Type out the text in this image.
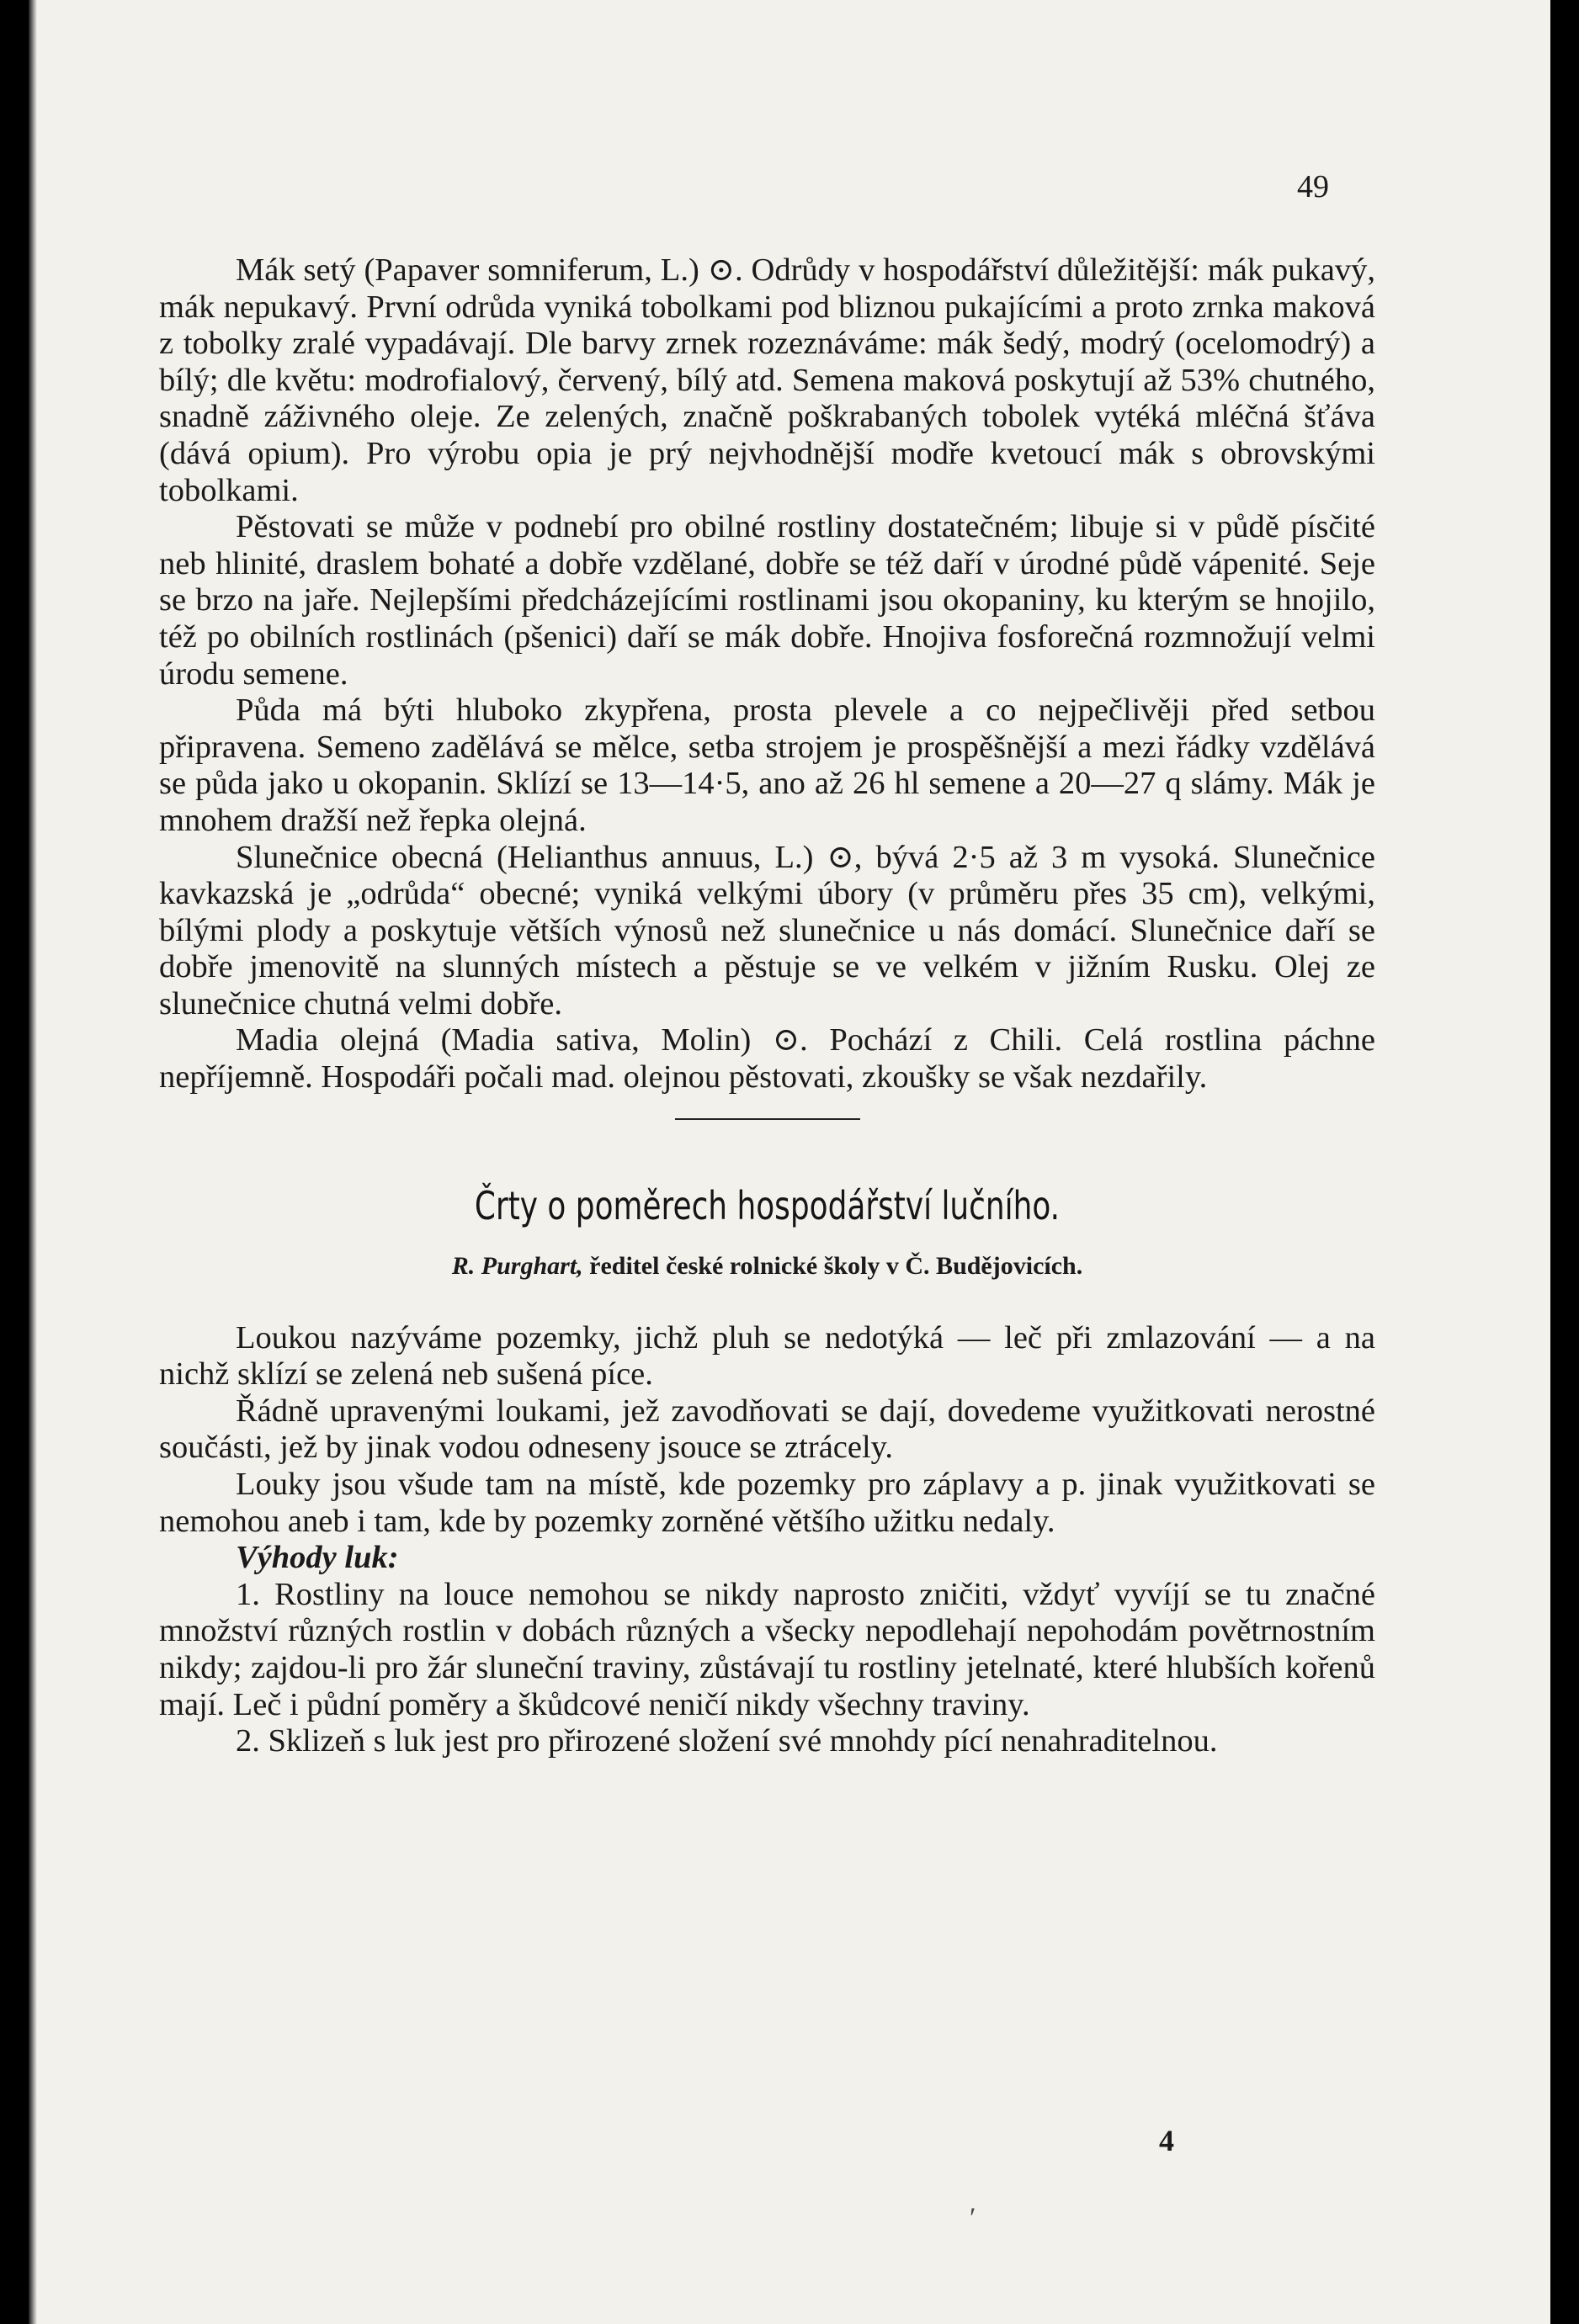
49

Mák setý (Papaver somniferum, L.) ⊙. Odrůdy v hospodářství důležitější: mák pukavý, mák nepukavý. První odrůda vyniká tobolkami pod bliznou pukajícími a proto zrnka maková z tobolky zralé vypadávají. Dle barvy zrnek rozeznáváme: mák šedý, modrý (ocelomodrý) a bílý; dle květu: modrofialový, červený, bílý atd. Semena maková poskytují až 53% chutného, snadně záživného oleje. Ze zelených, značně poškrabaných tobolek vytéká mléčná šťáva (dává opium). Pro výrobu opia je prý nejvhodnější modře kvetoucí mák s obrovskými tobolkami.

Pěstovati se může v podnebí pro obilné rostliny dostatečném; libuje si v půdě písčité neb hlinité, draslem bohaté a dobře vzdělané, dobře se též daří v úrodné půdě vápenité. Seje se brzo na jaře. Nejlepšími předcházejícími rostlinami jsou okopaniny, ku kterým se hnojilo, též po obilních rostlinách (pšenici) daří se mák dobře. Hnojiva fosforečná rozmnožují velmi úrodu semene.

Půda má býti hluboko zkypřena, prosta plevele a co nejpečlivěji před setbou připravena. Semeno zadělává se mělce, setba strojem je prospěšnější a mezi řádky vzdělává se půda jako u okopanin. Sklízí se 13—14·5, ano až 26 hl semene a 20—27 q slámy. Mák je mnohem dražší než řepka olejná.

Slunečnice obecná (Helianthus annuus, L.) ⊙, bývá 2·5 až 3 m vysoká. Slunečnice kavkazská je „odrůda“ obecné; vyniká velkými úbory (v průměru přes 35 cm), velkými, bílými plody a poskytuje větších výnosů než slunečnice u nás domácí. Slunečnice daří se dobře jmenovitě na slunných místech a pěstuje se ve velkém v jižním Rusku. Olej ze slunečnice chutná velmi dobře.

Madia olejná (Madia sativa, Molin) ⊙. Pochází z Chili. Celá rostlina páchne nepříjemně. Hospodáři počali mad. olejnou pěstovati, zkoušky se však nezdařily.

Črty o poměrech hospodářství lučního.
R. Purghart, ředitel české rolnické školy v Č. Budějovicích.

Loukou nazýváme pozemky, jichž pluh se nedotýká — leč při zmlazování — a na nichž sklízí se zelená neb sušená píce.

Řádně upravenými loukami, jež zavodňovati se dají, dovedeme využitkovati nerostné součásti, jež by jinak vodou odneseny jsouce se ztrácely.

Louky jsou všude tam na místě, kde pozemky pro záplavy a p. jinak využitkovati se nemohou aneb i tam, kde by pozemky zorněné většího užitku nedaly.

Výhody luk:

1. Rostliny na louce nemohou se nikdy naprosto zničiti, vždyť vyvíjí se tu značné množství různých rostlin v dobách různých a všecky nepodlehají nepohodám povětrnostním nikdy; zajdou-li pro žár sluneční traviny, zůstávají tu rostliny jetelnaté, které hlubších kořenů mají. Leč i půdní poměry a škůdcové neničí nikdy všechny traviny.

2. Sklizeň s luk jest pro přirozené složení své mnohdy pící nenahraditelnou.

4
ʹ
